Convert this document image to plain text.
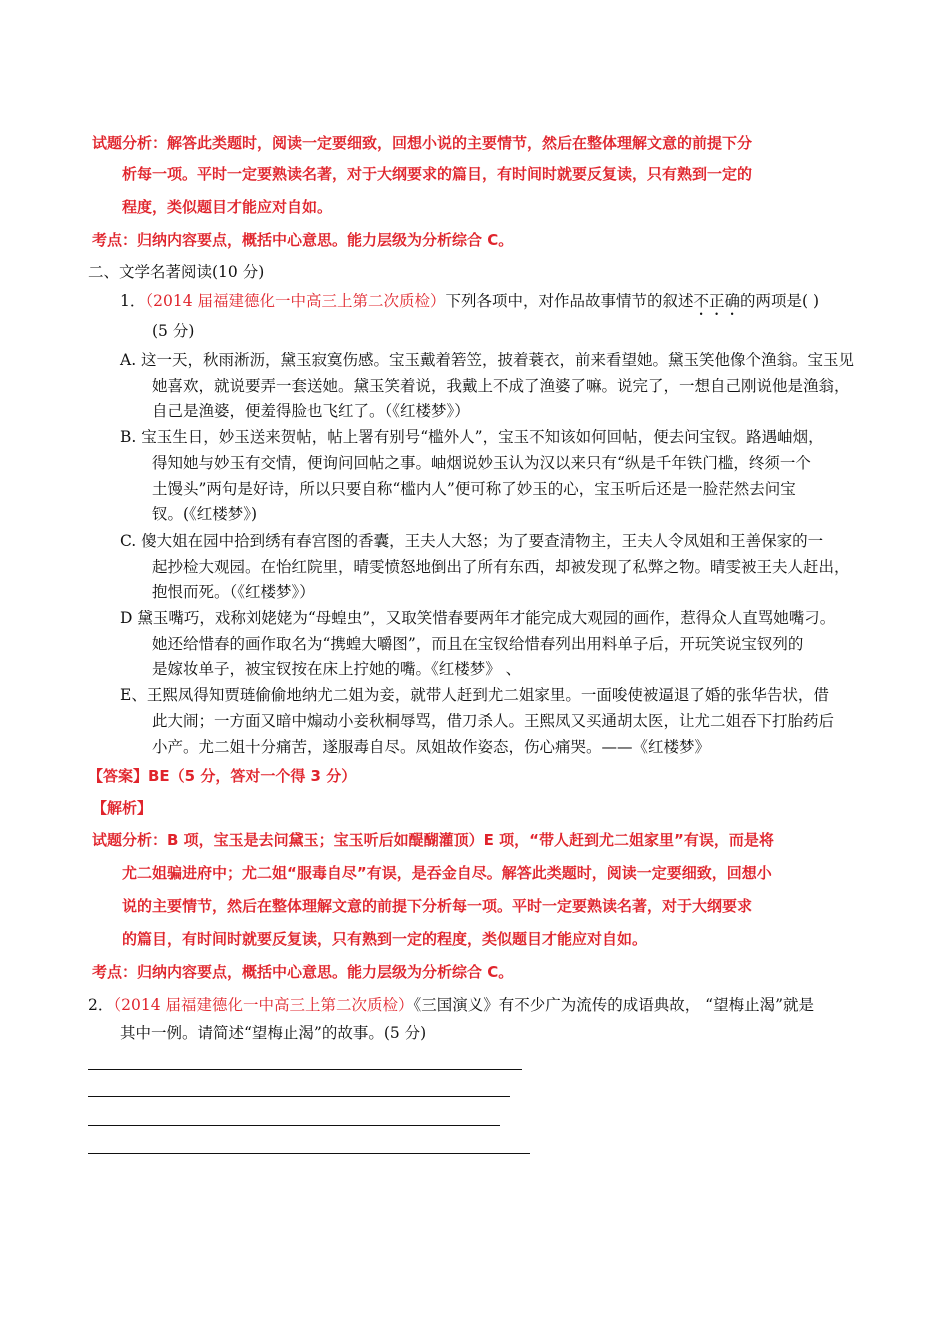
试题分析：解答此类题时，阅读一定要细致，回想小说的主要情节，然后在整体理解文意的前提下分
析每一项。平时一定要熟读名著，对于大纲要求的篇目，有时间时就要反复读，只有熟到一定的
程度，类似题目才能应对自如。
考点：归纳内容要点，概括中心意思。能力层级为分析综合 C。
二、文学名著阅读(10 分)
1．（2014 届福建德化一中高三上第二次质检）下列各项中，对作品故事情节的叙述不正确的两项是( )
(5 分)
A. 这一天，秋雨淅沥，黛玉寂寞伤感。宝玉戴着箬笠，披着蓑衣，前来看望她。黛玉笑他像个渔翁。宝玉见
她喜欢，就说要弄一套送她。黛玉笑着说，我戴上不成了渔婆了嘛。说完了，一想自己刚说他是渔翁，
自己是渔婆，便羞得脸也飞红了。（《红楼梦》）
B. 宝玉生日，妙玉送来贺帖，帖上署有别号“槛外人”，宝玉不知该如何回帖，便去问宝钗。路遇岫烟，
得知她与妙玉有交情，便询问回帖之事。岫烟说妙玉认为汉以来只有“纵是千年铁门槛，终须一个
土馒头”两句是好诗，所以只要自称“槛内人”便可称了妙玉的心，宝玉听后还是一脸茫然去问宝
钗。(《红楼梦》)
C. 傻大姐在园中拾到绣有春宫图的香囊，王夫人大怒；为了要查清物主，王夫人令凤姐和王善保家的一
起抄检大观园。在怡红院里，晴雯愤怒地倒出了所有东西，却被发现了私弊之物。晴雯被王夫人赶出，
抱恨而死。（《红楼梦》）
D 黛玉嘴巧，戏称刘姥姥为“母蝗虫”，又取笑惜春要两年才能完成大观园的画作，惹得众人直骂她嘴刁。
她还给惜春的画作取名为“携蝗大嚼图”，而且在宝钗给惜春列出用料单子后，开玩笑说宝钗列的
是嫁妆单子，被宝钗按在床上拧她的嘴。《红楼梦》 、
E、王熙凤得知贾琏偷偷地纳尤二姐为妾，就带人赶到尤二姐家里。一面唆使被逼退了婚的张华告状，借
此大闹；一方面又暗中煽动小妾秋桐辱骂，借刀杀人。王熙凤又买通胡太医，让尤二姐吞下打胎药后
小产。尤二姐十分痛苦，遂服毒自尽。凤姐故作姿态，伤心痛哭。——《红楼梦》
【答案】BE（5 分，答对一个得 3 分）
【解析】
试题分析：B 项，宝玉是去问黛玉；宝玉听后如醍醐灌顶）E 项，“带人赶到尤二姐家里”有误，而是将
尤二姐骗进府中；尤二姐“服毒自尽”有误，是吞金自尽。解答此类题时，阅读一定要细致，回想小
说的主要情节，然后在整体理解文意的前提下分析每一项。平时一定要熟读名著，对于大纲要求
的篇目，有时间时就要反复读，只有熟到一定的程度，类似题目才能应对自如。
考点：归纳内容要点，概括中心意思。能力层级为分析综合 C。
2．（2014 届福建德化一中高三上第二次质检）《三国演义》有不少广为流传的成语典故， “望梅止渴”就是
其中一例。请简述“望梅止渴”的故事。(5 分)
